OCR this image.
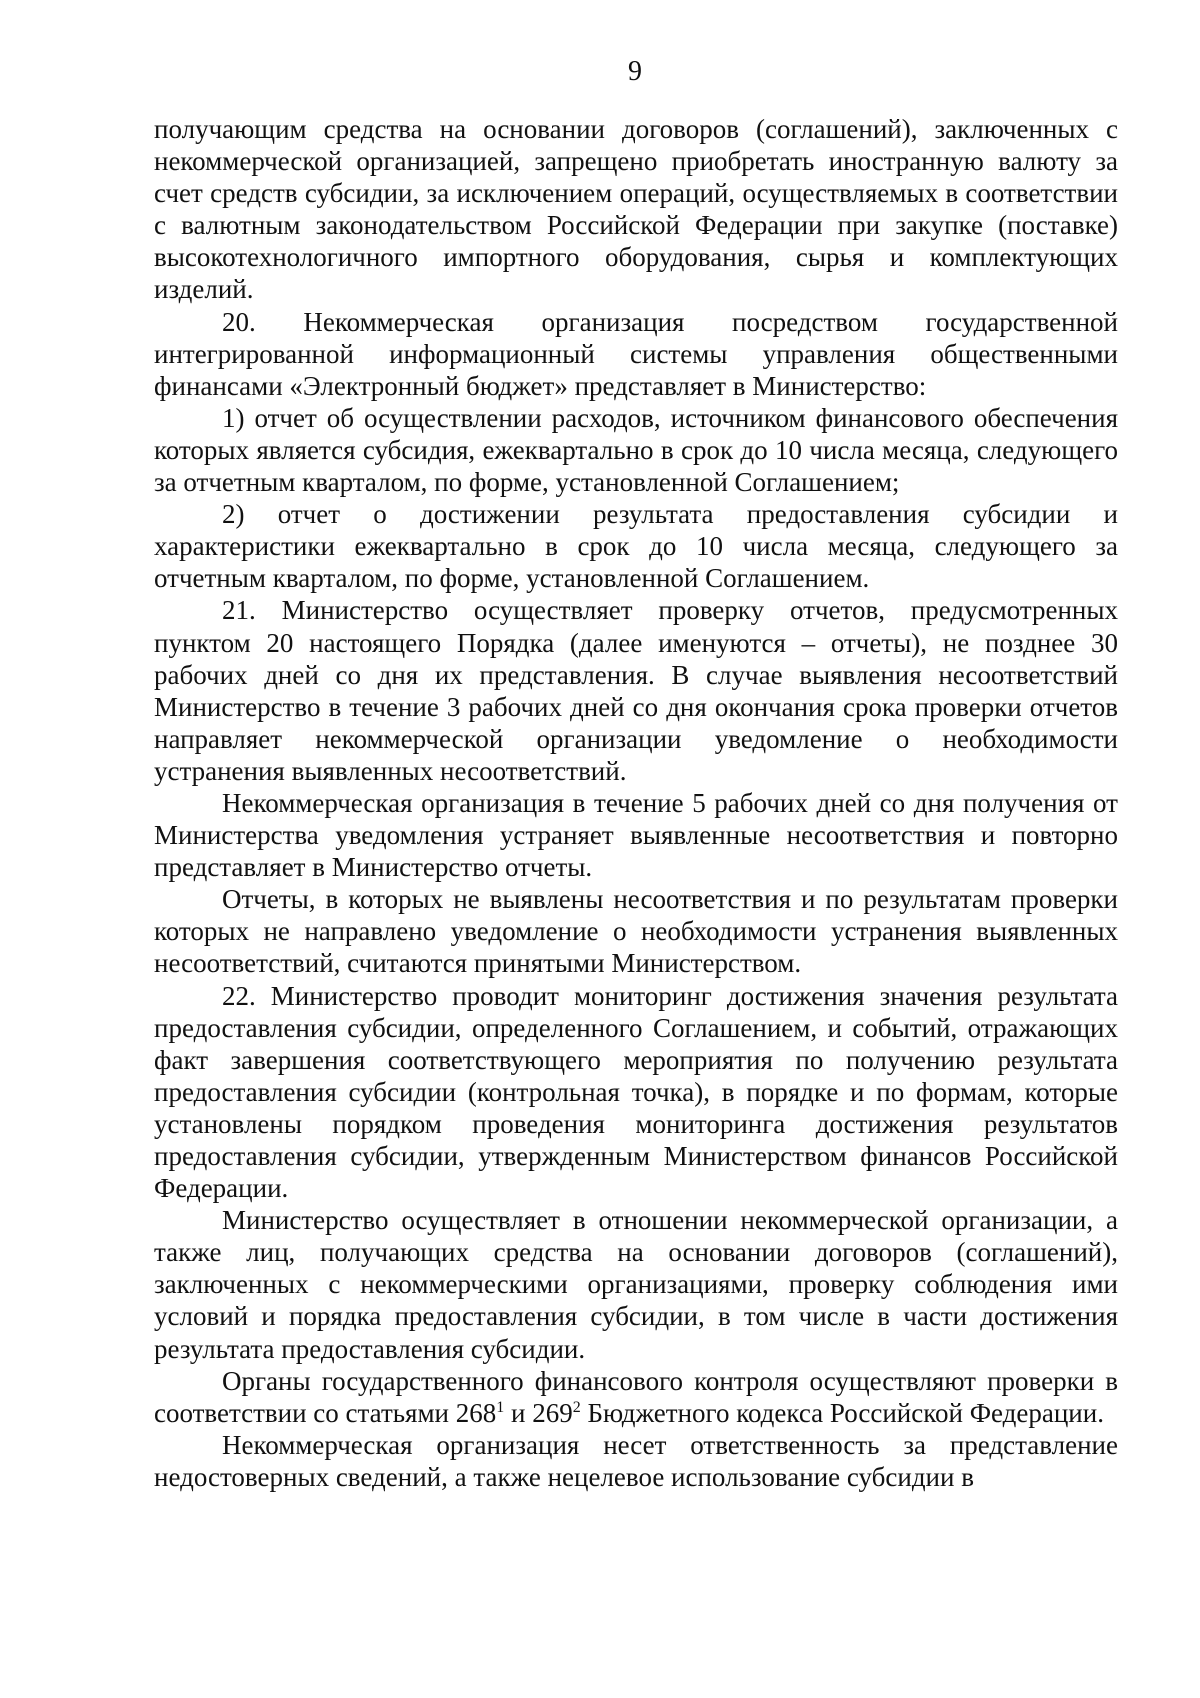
9

получающим средства на основании договоров (соглашений), заключенных с некоммерческой организацией, запрещено приобретать иностранную валюту за счет средств субсидии, за исключением операций, осуществляемых в соответствии с валютным законодательством Российской Федерации при закупке (поставке) высокотехнологичного импортного оборудования, сырья и комплектующих изделий.

20. Некоммерческая организация посредством государственной интегрированной информационный системы управления общественными финансами «Электронный бюджет» представляет в Министерство:

1) отчет об осуществлении расходов, источником финансового обеспечения которых является субсидия, ежеквартально в срок до 10 числа месяца, следующего за отчетным кварталом, по форме, установленной Соглашением;

2) отчет о достижении результата предоставления субсидии и характеристики ежеквартально в срок до 10 числа месяца, следующего за отчетным кварталом, по форме, установленной Соглашением.

21. Министерство осуществляет проверку отчетов, предусмотренных пунктом 20 настоящего Порядка (далее именуются – отчеты), не позднее 30 рабочих дней со дня их представления. В случае выявления несоответствий Министерство в течение 3 рабочих дней со дня окончания срока проверки отчетов направляет некоммерческой организации уведомление о необходимости устранения выявленных несоответствий.

Некоммерческая организация в течение 5 рабочих дней со дня получения от Министерства уведомления устраняет выявленные несоответствия и повторно представляет в Министерство отчеты.

Отчеты, в которых не выявлены несоответствия и по результатам проверки которых не направлено уведомление о необходимости устранения выявленных несоответствий, считаются принятыми Министерством.

22. Министерство проводит мониторинг достижения значения результата предоставления субсидии, определенного Соглашением, и событий, отражающих факт завершения соответствующего мероприятия по получению результата предоставления субсидии (контрольная точка), в порядке и по формам, которые установлены порядком проведения мониторинга достижения результатов предоставления субсидии, утвержденным Министерством финансов Российской Федерации.

Министерство осуществляет в отношении некоммерческой организации, а также лиц, получающих средства на основании договоров (соглашений), заключенных с некоммерческими организациями, проверку соблюдения ими условий и порядка предоставления субсидии, в том числе в части достижения результата предоставления субсидии.

Органы государственного финансового контроля осуществляют проверки в соответствии со статьями $268^1$ и $269^2$ Бюджетного кодекса Российской Федерации.

Некоммерческая организация несет ответственность за представление недостоверных сведений, а также нецелевое использование субсидии в
